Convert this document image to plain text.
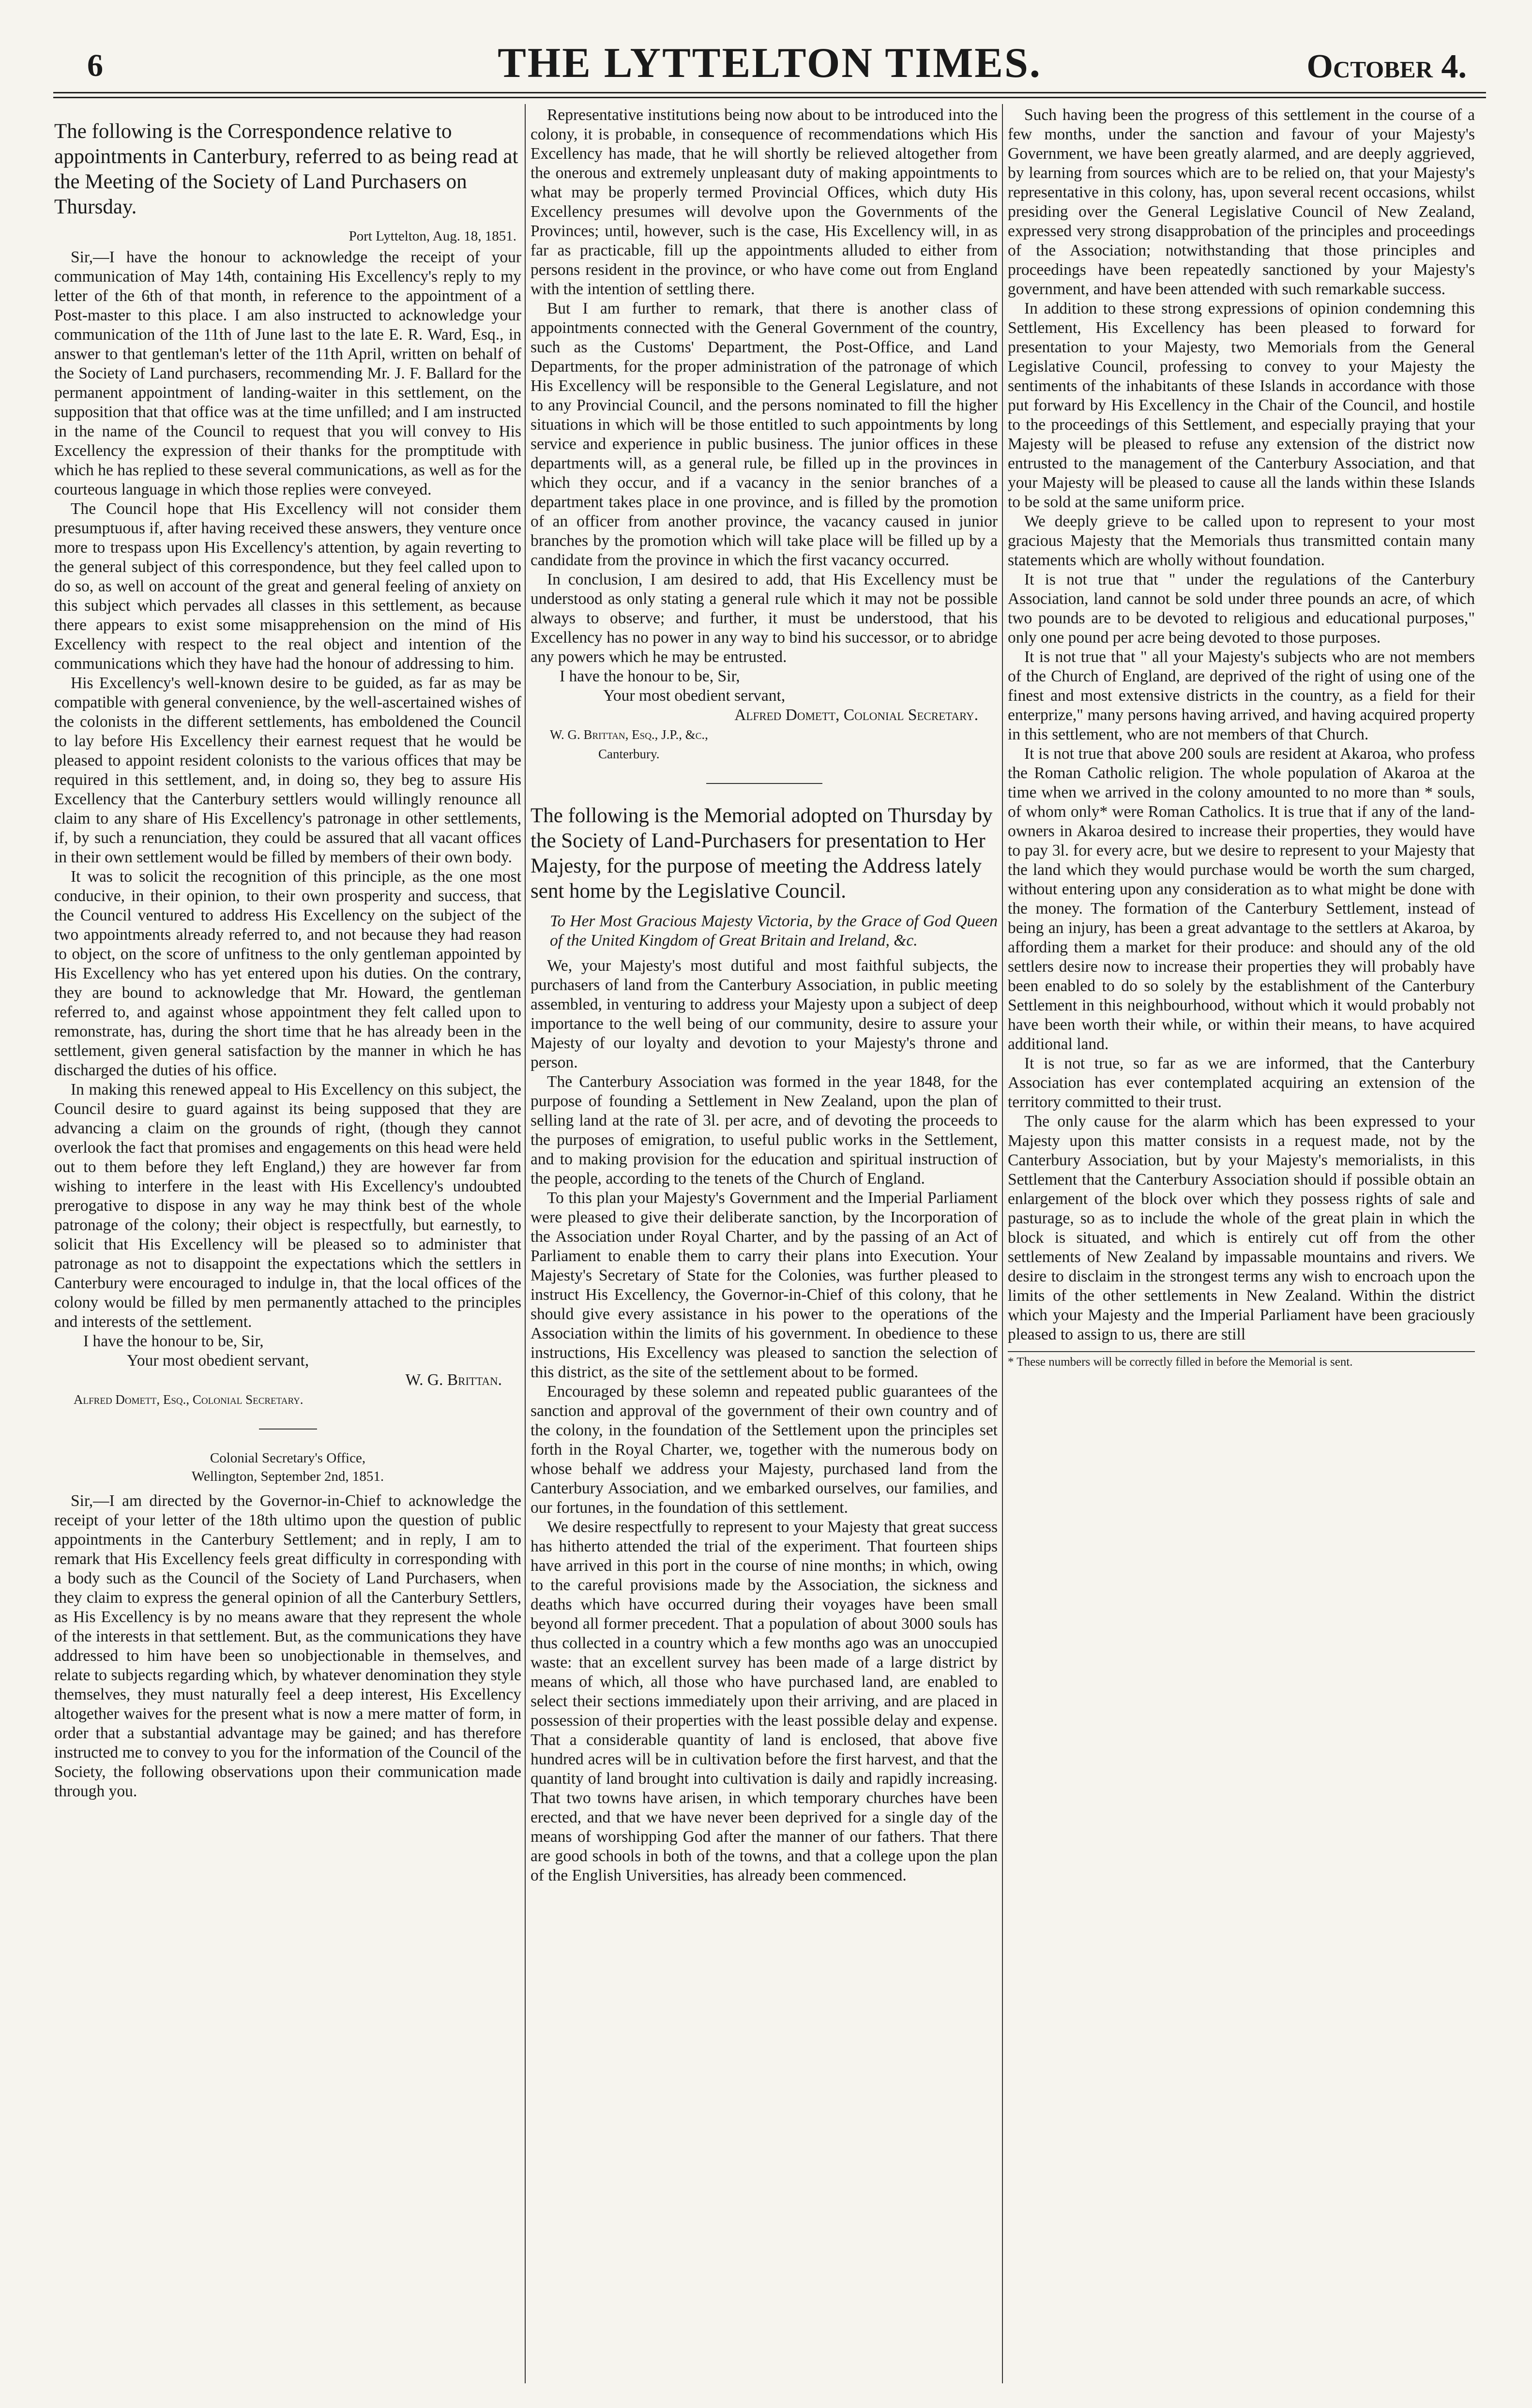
6	THE LYTTELTON TIMES.	October 4.

The following is the Correspondence relative to appointments in Canterbury, referred to as being read at the Meeting of the Society of Land Purchasers on Thursday.

Port Lyttelton, Aug. 18, 1851.

Sir,—I have the honour to acknowledge the receipt of your communication of May 14th, containing His Excellency's reply to my letter of the 6th of that month, in reference to the appointment of a Post-master to this place. I am also instructed to acknowledge your communication of the 11th of June last to the late E. R. Ward, Esq., in answer to that gentleman's letter of the 11th April, written on behalf of the Society of Land purchasers, recommending Mr. J. F. Ballard for the permanent appointment of landing-waiter in this settlement, on the supposition that that office was at the time unfilled; and I am instructed in the name of the Council to request that you will convey to His Excellency the expression of their thanks for the promptitude with which he has replied to these several communications, as well as for the courteous language in which those replies were conveyed.

The Council hope that His Excellency will not consider them presumptuous if, after having received these answers, they venture once more to trespass upon His Excellency's attention, by again reverting to the general subject of this correspondence, but they feel called upon to do so, as well on account of the great and general feeling of anxiety on this subject which pervades all classes in this settlement, as because there appears to exist some misapprehension on the mind of His Excellency with respect to the real object and intention of the communications which they have had the honour of addressing to him.

His Excellency's well-known desire to be guided, as far as may be compatible with general convenience, by the well-ascertained wishes of the colonists in the different settlements, has emboldened the Council to lay before His Excellency their earnest request that he would be pleased to appoint resident colonists to the various offices that may be required in this settlement, and, in doing so, they beg to assure His Excellency that the Canterbury settlers would willingly renounce all claim to any share of His Excellency's patronage in other settlements, if, by such a renunciation, they could be assured that all vacant offices in their own settlement would be filled by members of their own body.

It was to solicit the recognition of this principle, as the one most conducive, in their opinion, to their own prosperity and success, that the Council ventured to address His Excellency on the subject of the two appointments already referred to, and not because they had reason to object, on the score of unfitness to the only gentleman appointed by His Excellency who has yet entered upon his duties. On the contrary, they are bound to acknowledge that Mr. Howard, the gentleman referred to, and against whose appointment they felt called upon to remonstrate, has, during the short time that he has already been in the settlement, given general satisfaction by the manner in which he has discharged the duties of his office.

In making this renewed appeal to His Excellency on this subject, the Council desire to guard against its being supposed that they are advancing a claim on the grounds of right, (though they cannot overlook the fact that promises and engagements on this head were held out to them before they left England,) they are however far from wishing to interfere in the least with His Excellency's undoubted prerogative to dispose in any way he may think best of the whole patronage of the colony; their object is respectfully, but earnestly, to solicit that His Excellency will be pleased so to administer that patronage as not to disappoint the expectations which the settlers in Canterbury were encouraged to indulge in, that the local offices of the colony would be filled by men permanently attached to the principles and interests of the settlement.

I have the honour to be, Sir,

Your most obedient servant,

W. G. Brittan.

Alfred Domett, Esq., Colonial Secretary.

Colonial Secretary's Office,
Wellington, September 2nd, 1851.

Sir,—I am directed by the Governor-in-Chief to acknowledge the receipt of your letter of the 18th ultimo upon the question of public appointments in the Canterbury Settlement; and in reply, I am to remark that His Excellency feels great difficulty in corresponding with a body such as the Council of the Society of Land Purchasers, when they claim to express the general opinion of all the Canterbury Settlers, as His Excellency is by no means aware that they represent the whole of the interests in that settlement. But, as the communications they have addressed to him have been so unobjectionable in themselves, and relate to subjects regarding which, by whatever denomination they style themselves, they must naturally feel a deep interest, His Excellency altogether waives for the present what is now a mere matter of form, in order that a substantial advantage may be gained; and has therefore instructed me to convey to you for the information of the Council of the Society, the following observations upon their communication made through you.

Representative institutions being now about to be introduced into the colony, it is probable, in consequence of recommendations which His Excellency has made, that he will shortly be relieved altogether from the onerous and extremely unpleasant duty of making appointments to what may be properly termed Provincial Offices, which duty His Excellency presumes will devolve upon the Governments of the Provinces; until, however, such is the case, His Excellency will, in as far as practicable, fill up the appointments alluded to either from persons resident in the province, or who have come out from England with the intention of settling there.

But I am further to remark, that there is another class of appointments connected with the General Government of the country, such as the Customs' Department, the Post-Office, and Land Departments, for the proper administration of the patronage of which His Excellency will be responsible to the General Legislature, and not to any Provincial Council, and the persons nominated to fill the higher situations in which will be those entitled to such appointments by long service and experience in public business. The junior offices in these departments will, as a general rule, be filled up in the provinces in which they occur, and if a vacancy in the senior branches of a department takes place in one province, and is filled by the promotion of an officer from another province, the vacancy caused in junior branches by the promotion which will take place will be filled up by a candidate from the province in which the first vacancy occurred.

In conclusion, I am desired to add, that His Excellency must be understood as only stating a general rule which it may not be possible always to observe; and further, it must be understood, that his Excellency has no power in any way to bind his successor, or to abridge any powers which he may be entrusted.

I have the honour to be, Sir,

Your most obedient servant,

Alfred Domett, Colonial Secretary.

W. G. Brittan, Esq., J.P., &c.,

Canterbury.

The following is the Memorial adopted on Thursday by the Society of Land-Purchasers for presentation to Her Majesty, for the purpose of meeting the Address lately sent home by the Legislative Council.

To Her Most Gracious Majesty Victoria, by the Grace of God Queen of the United Kingdom of Great Britain and Ireland, &c.

We, your Majesty's most dutiful and most faithful subjects, the purchasers of land from the Canterbury Association, in public meeting assembled, in venturing to address your Majesty upon a subject of deep importance to the well being of our community, desire to assure your Majesty of our loyalty and devotion to your Majesty's throne and person.

The Canterbury Association was formed in the year 1848, for the purpose of founding a Settlement in New Zealand, upon the plan of selling land at the rate of 3l. per acre, and of devoting the proceeds to the purposes of emigration, to useful public works in the Settlement, and to making provision for the education and spiritual instruction of the people, according to the tenets of the Church of England.

To this plan your Majesty's Government and the Imperial Parliament were pleased to give their deliberate sanction, by the Incorporation of the Association under Royal Charter, and by the passing of an Act of Parliament to enable them to carry their plans into Execution. Your Majesty's Secretary of State for the Colonies, was further pleased to instruct His Excellency, the Governor-in-Chief of this colony, that he should give every assistance in his power to the operations of the Association within the limits of his government. In obedience to these instructions, His Excellency was pleased to sanction the selection of this district, as the site of the settlement about to be formed.

Encouraged by these solemn and repeated public guarantees of the sanction and approval of the government of their own country and of the colony, in the foundation of the Settlement upon the principles set forth in the Royal Charter, we, together with the numerous body on whose behalf we address your Majesty, purchased land from the Canterbury Association, and we embarked ourselves, our families, and our fortunes, in the foundation of this settlement.

We desire respectfully to represent to your Majesty that great success has hitherto attended the trial of the experiment. That fourteen ships have arrived in this port in the course of nine months; in which, owing to the careful provisions made by the Association, the sickness and deaths which have occurred during their voyages have been small beyond all former precedent. That a population of about 3000 souls has thus collected in a country which a few months ago was an unoccupied waste: that an excellent survey has been made of a large district by means of which, all those who have purchased land, are enabled to select their sections immediately upon their arriving, and are placed in possession of their properties with the least possible delay and expense. That a considerable quantity of land is enclosed, that above five hundred acres will be in cultivation before the first harvest, and that the quantity of land brought into cultivation is daily and rapidly increasing. That two towns have arisen, in which temporary churches have been erected, and that we have never been deprived for a single day of the means of worshipping God after the manner of our fathers. That there are good schools in both of the towns, and that a college upon the plan of the English Universities, has already been commenced.

Such having been the progress of this settlement in the course of a few months, under the sanction and favour of your Majesty's Government, we have been greatly alarmed, and are deeply aggrieved, by learning from sources which are to be relied on, that your Majesty's representative in this colony, has, upon several recent occasions, whilst presiding over the General Legislative Council of New Zealand, expressed very strong disapprobation of the principles and proceedings of the Association; notwithstanding that those principles and proceedings have been repeatedly sanctioned by your Majesty's government, and have been attended with such remarkable success.

In addition to these strong expressions of opinion condemning this Settlement, His Excellency has been pleased to forward for presentation to your Majesty, two Memorials from the General Legislative Council, professing to convey to your Majesty the sentiments of the inhabitants of these Islands in accordance with those put forward by His Excellency in the Chair of the Council, and hostile to the proceedings of this Settlement, and especially praying that your Majesty will be pleased to refuse any extension of the district now entrusted to the management of the Canterbury Association, and that your Majesty will be pleased to cause all the lands within these Islands to be sold at the same uniform price.

We deeply grieve to be called upon to represent to your most gracious Majesty that the Memorials thus transmitted contain many statements which are wholly without foundation.

It is not true that " under the regulations of the Canterbury Association, land cannot be sold under three pounds an acre, of which two pounds are to be devoted to religious and educational purposes," only one pound per acre being devoted to those purposes.

It is not true that " all your Majesty's subjects who are not members of the Church of England, are deprived of the right of using one of the finest and most extensive districts in the country, as a field for their enterprize," many persons having arrived, and having acquired property in this settlement, who are not members of that Church.

It is not true that above 200 souls are resident at Akaroa, who profess the Roman Catholic religion. The whole population of Akaroa at the time when we arrived in the colony amounted to no more than * souls, of whom only* were Roman Catholics. It is true that if any of the land-owners in Akaroa desired to increase their properties, they would have to pay 3l. for every acre, but we desire to represent to your Majesty that the land which they would purchase would be worth the sum charged, without entering upon any consideration as to what might be done with the money. The formation of the Canterbury Settlement, instead of being an injury, has been a great advantage to the settlers at Akaroa, by affording them a market for their produce: and should any of the old settlers desire now to increase their properties they will probably have been enabled to do so solely by the establishment of the Canterbury Settlement in this neighbourhood, without which it would probably not have been worth their while, or within their means, to have acquired additional land.

It is not true, so far as we are informed, that the Canterbury Association has ever contemplated acquiring an extension of the territory committed to their trust.

The only cause for the alarm which has been expressed to your Majesty upon this matter consists in a request made, not by the Canterbury Association, but by your Majesty's memorialists, in this Settlement that the Canterbury Association should if possible obtain an enlargement of the block over which they possess rights of sale and pasturage, so as to include the whole of the great plain in which the block is situated, and which is entirely cut off from the other settlements of New Zealand by impassable mountains and rivers. We desire to disclaim in the strongest terms any wish to encroach upon the limits of the other settlements in New Zealand. Within the district which your Majesty and the Imperial Parliament have been graciously pleased to assign to us, there are still

* These numbers will be correctly filled in before the Memorial is sent.
